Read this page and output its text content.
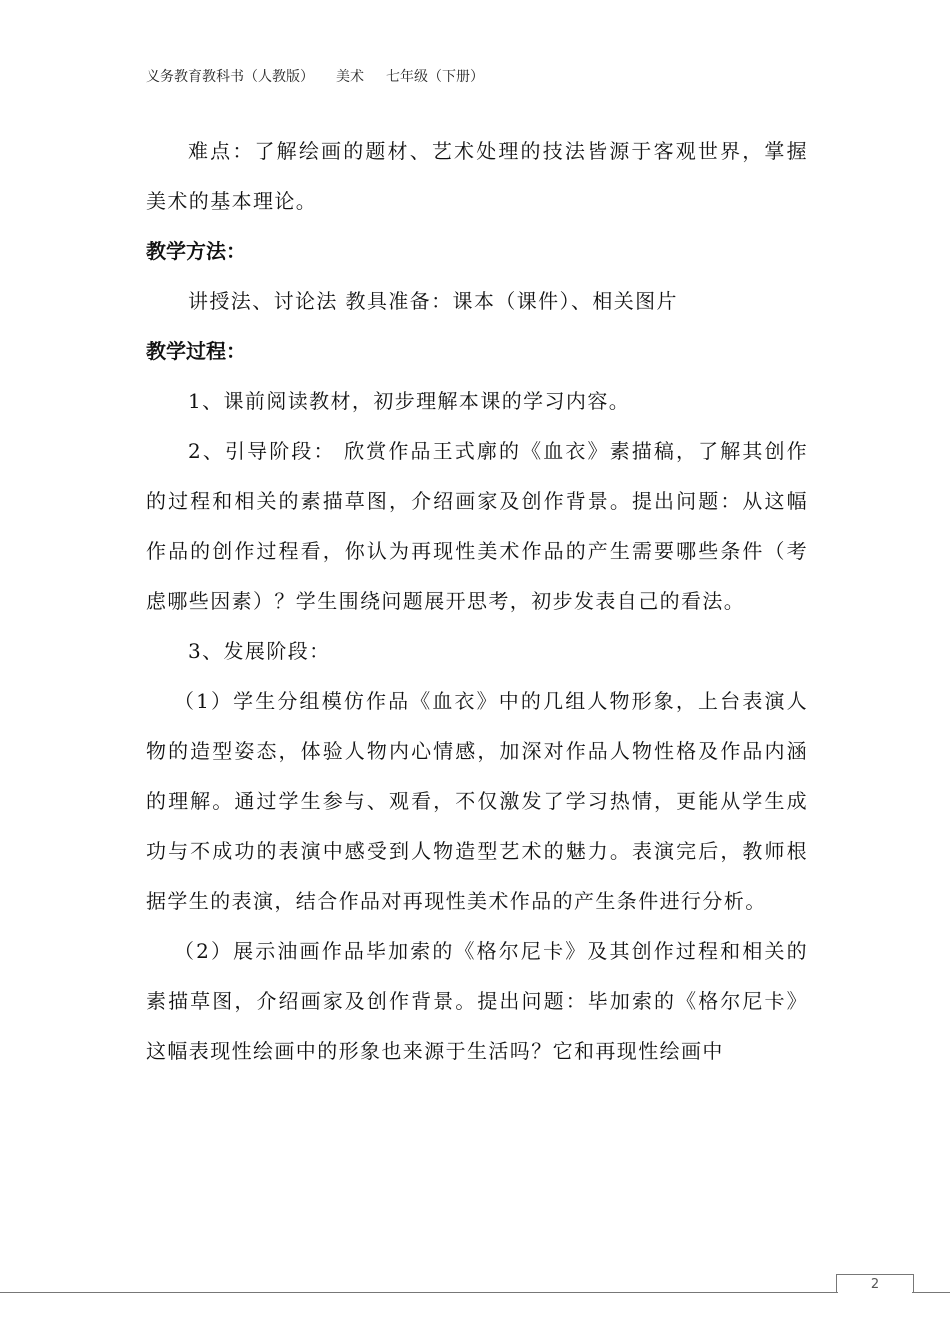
义务教育教科书（人教版） 美术 七年级（下册）

难点：了解绘画的题材、艺术处理的技法皆源于客观世界，掌握美术的基本理论。

教学方法：

讲授法、讨论法 教具准备：课本（课件）、相关图片

教学过程：

1、课前阅读教材，初步理解本课的学习内容。

2、引导阶段： 欣赏作品王式廓的《血衣》素描稿，了解其创作的过程和相关的素描草图，介绍画家及创作背景。提出问题：从这幅作品的创作过程看，你认为再现性美术作品的产生需要哪些条件（考虑哪些因素）？学生围绕问题展开思考，初步发表自己的看法。

3、发展阶段：

（1）学生分组模仿作品《血衣》中的几组人物形象，上台表演人物的造型姿态，体验人物内心情感，加深对作品人物性格及作品内涵的理解。通过学生参与、观看，不仅激发了学习热情，更能从学生成功与不成功的表演中感受到人物造型艺术的魅力。表演完后，教师根据学生的表演，结合作品对再现性美术作品的产生条件进行分析。

（2）展示油画作品毕加索的《格尔尼卡》及其创作过程和相关的素描草图，介绍画家及创作背景。提出问题：毕加索的《格尔尼卡》这幅表现性绘画中的形象也来源于生活吗？它和再现性绘画中

2
